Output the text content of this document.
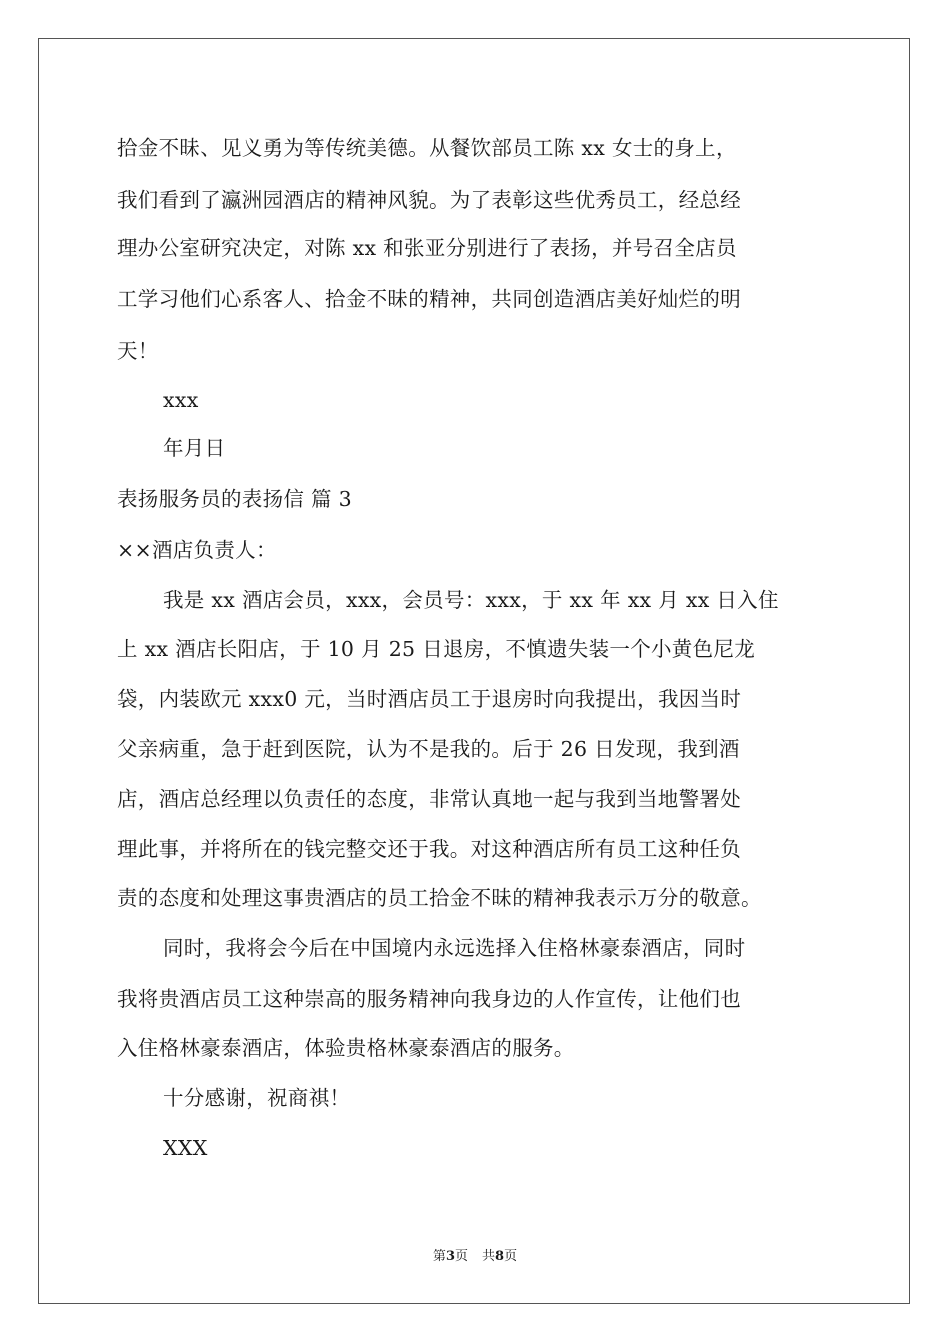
拾金不昧、见义勇为等传统美德。从餐饮部员工陈 xx 女士的身上，
我们看到了瀛洲园酒店的精神风貌。为了表彰这些优秀员工，经总经
理办公室研究决定，对陈 xx 和张亚分别进行了表扬，并号召全店员
工学习他们心系客人、拾金不昧的精神，共同创造酒店美好灿烂的明
天！
xxx
年月日
表扬服务员的表扬信 篇 3
××酒店负责人：
我是 xx 酒店会员，xxx，会员号：xxx，于 xx 年 xx 月 xx 日入住
上 xx 酒店长阳店，于 10 月 25 日退房，不慎遗失装一个小黄色尼龙
袋，内装欧元 xxx0 元，当时酒店员工于退房时向我提出，我因当时
父亲病重，急于赶到医院，认为不是我的。后于 26 日发现，我到酒
店，酒店总经理以负责任的态度，非常认真地一起与我到当地警署处
理此事，并将所在的钱完整交还于我。对这种酒店所有员工这种任负
责的态度和处理这事贵酒店的员工拾金不昧的精神我表示万分的敬意。
同时，我将会今后在中国境内永远选择入住格林豪泰酒店，同时
我将贵酒店员工这种崇高的服务精神向我身边的人作宣传，让他们也
入住格林豪泰酒店，体验贵格林豪泰酒店的服务。
十分感谢，祝商祺！
XXX
第3页 共8页
